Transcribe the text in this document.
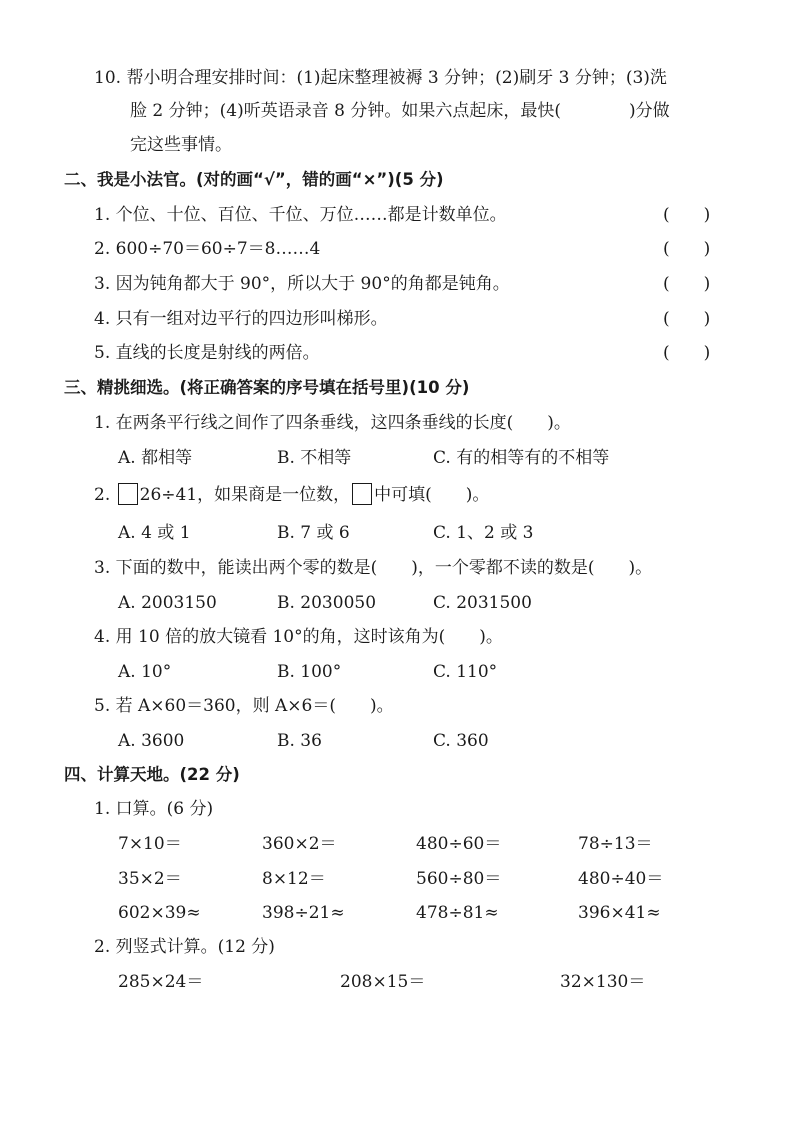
10. 帮小明合理安排时间：(1)起床整理被褥 3 分钟；(2)刷牙 3 分钟；(3)洗
脸 2 分钟；(4)听英语录音 8 分钟。如果六点起床，最快(　　　　)分做
完这些事情。
二、我是小法官。(对的画“√”，错的画“×”)(5 分)
1. 个位、十位、百位、千位、万位……都是计数单位。	(　　)
2. 600÷70＝60÷7＝8……4	(　　)
3. 因为钝角都大于 90°，所以大于 90°的角都是钝角。	(　　)
4. 只有一组对边平行的四边形叫梯形。	(　　)
5. 直线的长度是射线的两倍。	(　　)
三、精挑细选。(将正确答案的序号填在括号里)(10 分)
1. 在两条平行线之间作了四条垂线，这四条垂线的长度(　　)。
A. 都相等	B. 不相等	C. 有的相等有的不相等
2. 26÷41，如果商是一位数， 中可填(　　)。
A. 4 或 1	B. 7 或 6	C. 1、2 或 3
3. 下面的数中，能读出两个零的数是(　　)，一个零都不读的数是(　　)。
A. 2003150	B. 2030050	C. 2031500
4. 用 10 倍的放大镜看 10°的角，这时该角为(　　)。
A. 10°	B. 100°	C. 110°
5. 若 A×60＝360，则 A×6＝(　　)。
A. 3600	B. 36	C. 360
四、计算天地。(22 分)
1. 口算。(6 分)
7×10＝	360×2＝	480÷60＝	78÷13＝
35×2＝	8×12＝	560÷80＝	480÷40＝
602×39≈	398÷21≈	478÷81≈	396×41≈
2. 列竖式计算。(12 分)
285×24＝	208×15＝	32×130＝
